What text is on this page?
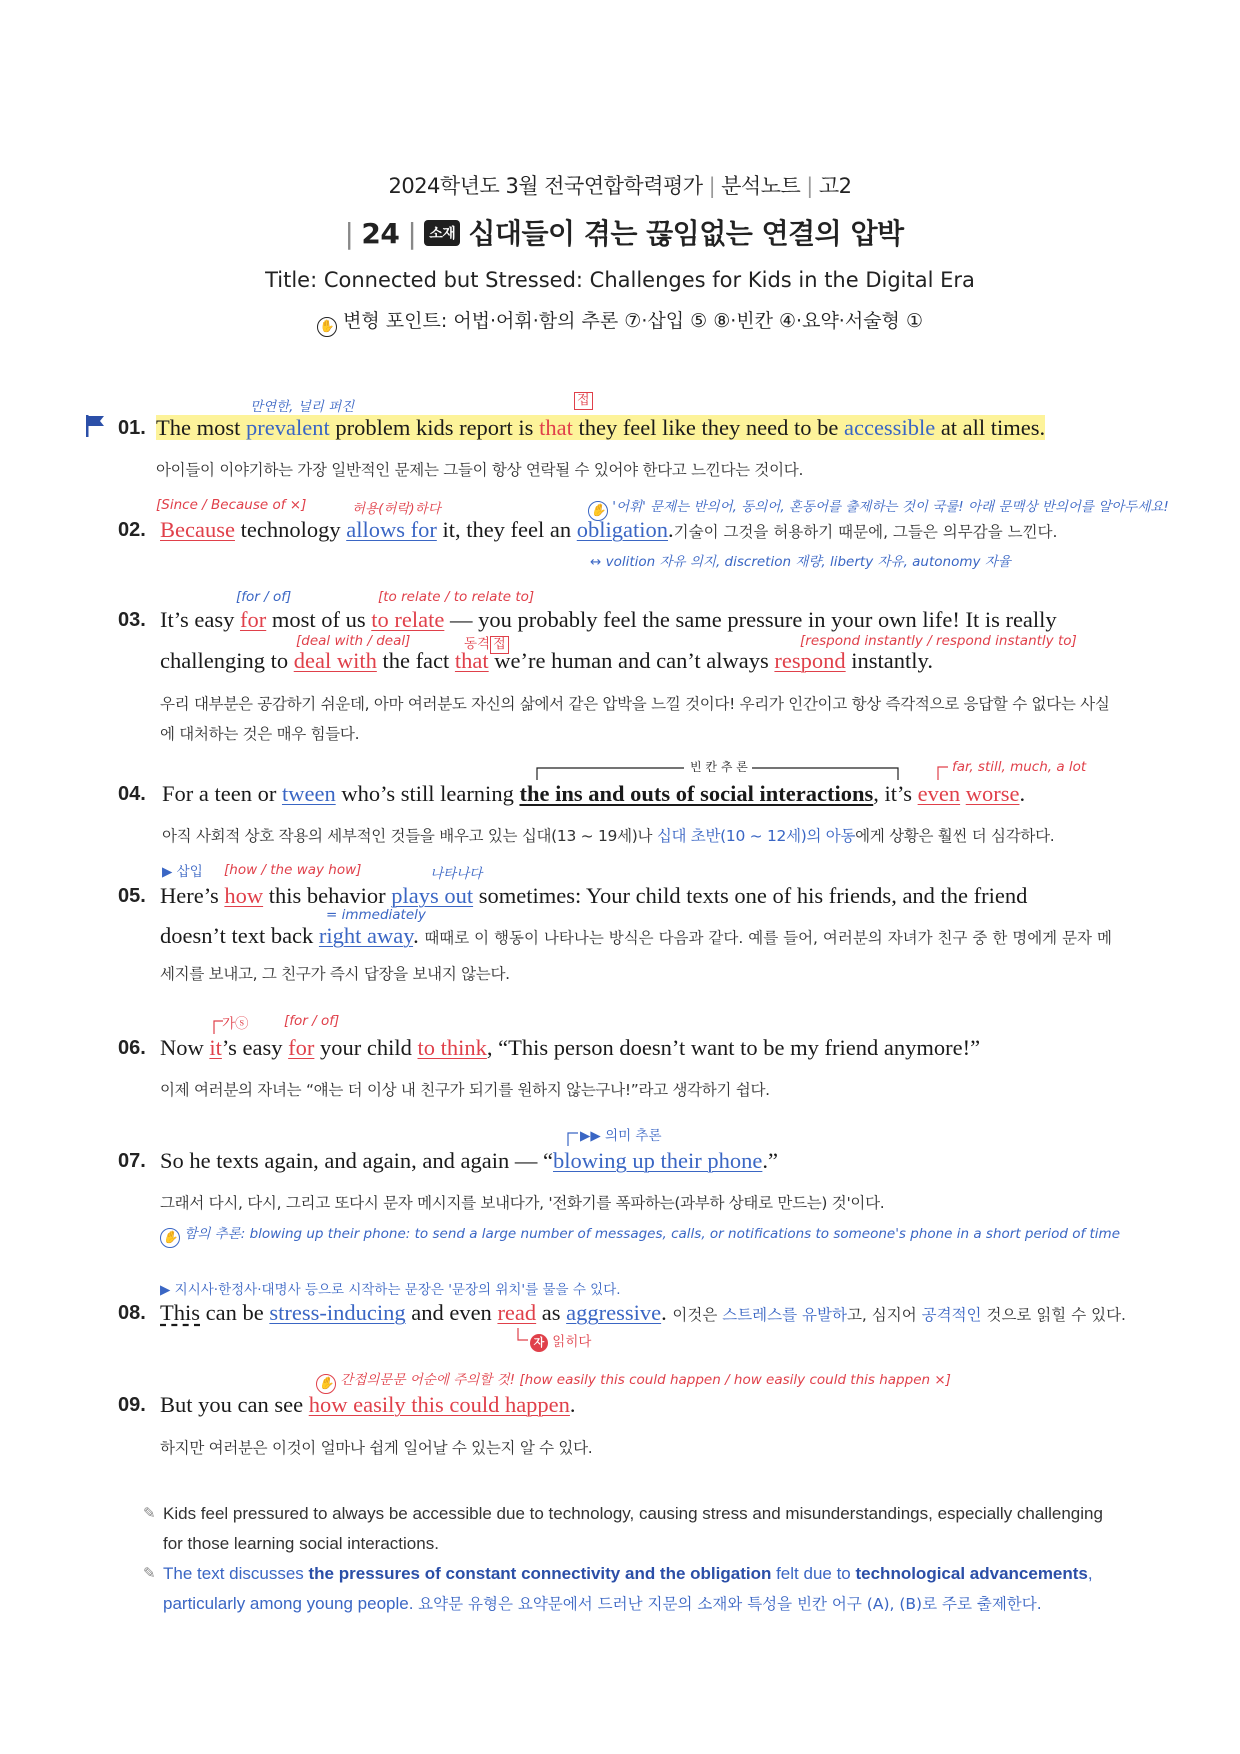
2024학년도 3월 전국연합학력평가 | 분석노트 | 고2
| 24 | 소재 십대들이 겪는 끊임없는 연결의 압박
Title: Connected but Stressed: Challenges for Kids in the Digital Era
✋ 변형 포인트: 어법·어휘·함의 추론 ⑦·삽입 ⑤ ⑧·빈칸 ④·요약·서술형 ①
만연한, 널리 퍼진	접
01. The most prevalent problem kids report is that they feel like they need to be accessible at all times.
아이들이 이야기하는 가장 일반적인 문제는 그들이 항상 연락될 수 있어야 한다고 느낀다는 것이다.
[Since / Because of ×]	허용(허락)하다	✋ '어휘' 문제는 반의어, 동의어, 혼동어를 출제하는 것이 국룰! 아래 문맥상 반의어를 알아두세요!
02. Because technology allows for it, they feel an obligation.기술이 그것을 허용하기 때문에, 그들은 의무감을 느낀다.
↔ volition 자유 의지, discretion 재량, liberty 자유, autonomy 자율
[for / of]	[to relate / to relate to]
03. It’s easy for most of us to relate — you probably feel the same pressure in your own life! It is really
[deal with / deal]	동격 접	[respond instantly / respond instantly to]
challenging to deal with the fact that we’re human and can’t always respond instantly.
우리 대부분은 공감하기 쉬운데, 아마 여러분도 자신의 삶에서 같은 압박을 느낄 것이다! 우리가 인간이고 항상 즉각적으로 응답할 수 없다는 사실
에 대처하는 것은 매우 힘들다.
빈 칸 추 론	far, still, much, a lot
04. For a teen or tween who’s still learning the ins and outs of social interactions, it’s even worse.
아직 사회적 상호 작용의 세부적인 것들을 배우고 있는 십대(13 ~ 19세)나 십대 초반(10 ~ 12세)의 아동에게 상황은 훨씬 더 심각하다.
▶ 삽입 [how / the way how]	나타나다
05. Here’s how this behavior plays out sometimes: Your child texts one of his friends, and the friend
= immediately
doesn’t text back right away. 때때로 이 행동이 나타나는 방식은 다음과 같다. 예를 들어, 여러분의 자녀가 친구 중 한 명에게 문자 메
세지를 보내고, 그 친구가 즉시 답장을 보내지 않는다.
가ⓢ	[for / of]
06. Now it’s easy for your child to think, “This person doesn’t want to be my friend anymore!”
이제 여러분의 자녀는 “얘는 더 이상 내 친구가 되기를 원하지 않는구나!”라고 생각하기 쉽다.
▶▶ 의미 추론
07. So he texts again, and again, and again — “blowing up their phone.”
그래서 다시, 다시, 그리고 또다시 문자 메시지를 보내다가, '전화기를 폭파하는(과부하 상태로 만드는) 것'이다.
✋ 함의 추론: blowing up their phone: to send a large number of messages, calls, or notifications to someone's phone in a short period of time
▶ 지시사·한정사·대명사 등으로 시작하는 문장은 '문장의 위치'를 물을 수 있다.
08. This can be stress-inducing and even read as aggressive. 이것은 스트레스를 유발하고, 심지어 공격적인 것으로 읽힐 수 있다.
자 읽히다
✋ 간접의문문 어순에 주의할 것! [how easily this could happen / how easily could this happen ×]
09. But you can see how easily this could happen.
하지만 여러분은 이것이 얼마나 쉽게 일어날 수 있는지 알 수 있다.
✎ Kids feel pressured to always be accessible due to technology, causing stress and misunderstandings, especially challenging for those learning social interactions.
✎ The text discusses the pressures of constant connectivity and the obligation felt due to technological advancements, particularly among young people. 요약문 유형은 요약문에서 드러난 지문의 소재와 특성을 빈칸 어구 (A), (B)로 주로 출제한다.
